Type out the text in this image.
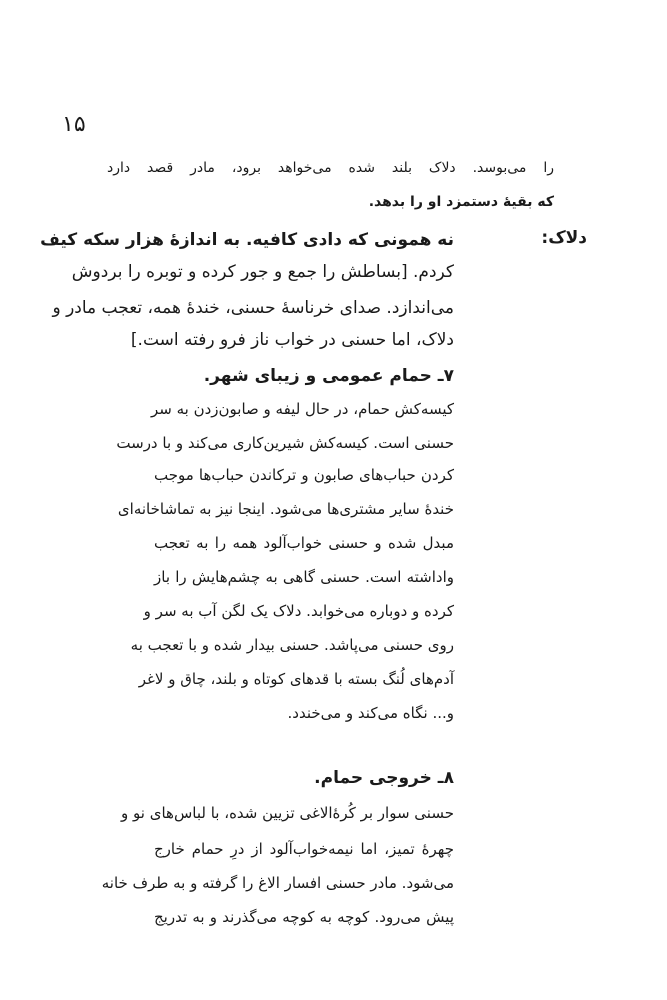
۱۵
را می‌بوسد. دلاک بلند شده می‌خواهد برود، مادر قصد دارد
که بقیهٔ دستمزد او را بدهد.
دلاک:
نه همونی که دادی کافیه. به اندازهٔ هزار سکه کیف
کردم. [بساطش را جمع و جور کرده و توبره را بردوش
می‌اندازد. صدای خرناسهٔ حسنی، خندهٔ همه، تعجب مادر و
دلاک، اما حسنی در خواب ناز فرو رفته است.]
۷ـ حمام عمومی و زیبای شهر.
کیسه‌کش حمام، در حال لیفه و صابون‌زدن به سر
حسنی است. کیسه‌کش شیرین‌کاری می‌کند و با درست
کردن حباب‌های صابون و ترکاندن حباب‌ها موجب
خندهٔ سایر مشتری‌ها می‌شود. اینجا نیز به تماشاخانه‌ای
مبدل شده و حسنی خواب‌آلود همه را به تعجب
واداشته است. حسنی گاهی به چشم‌هایش را باز
کرده و دوباره می‌خوابد. دلاک یک لگن آب به سر و
روی حسنی می‌پاشد. حسنی بیدار شده و با تعجب به
آدم‌های لُنگ بسته با قدهای کوتاه و بلند، چاق و لاغر
و... نگاه می‌کند و می‌خندد.
۸ـ خروجی حمام.
حسنی سوار بر کُرهٔ‌الاغی تزیین شده، با لباس‌های نو و
چهرهٔ تمیز، اما نیمه‌خواب‌آلود از درِ حمام خارج
می‌شود. مادر حسنی افسار الاغ را گرفته و به طرف خانه
پیش می‌رود. کوچه به کوچه می‌گذرند و به تدریج
